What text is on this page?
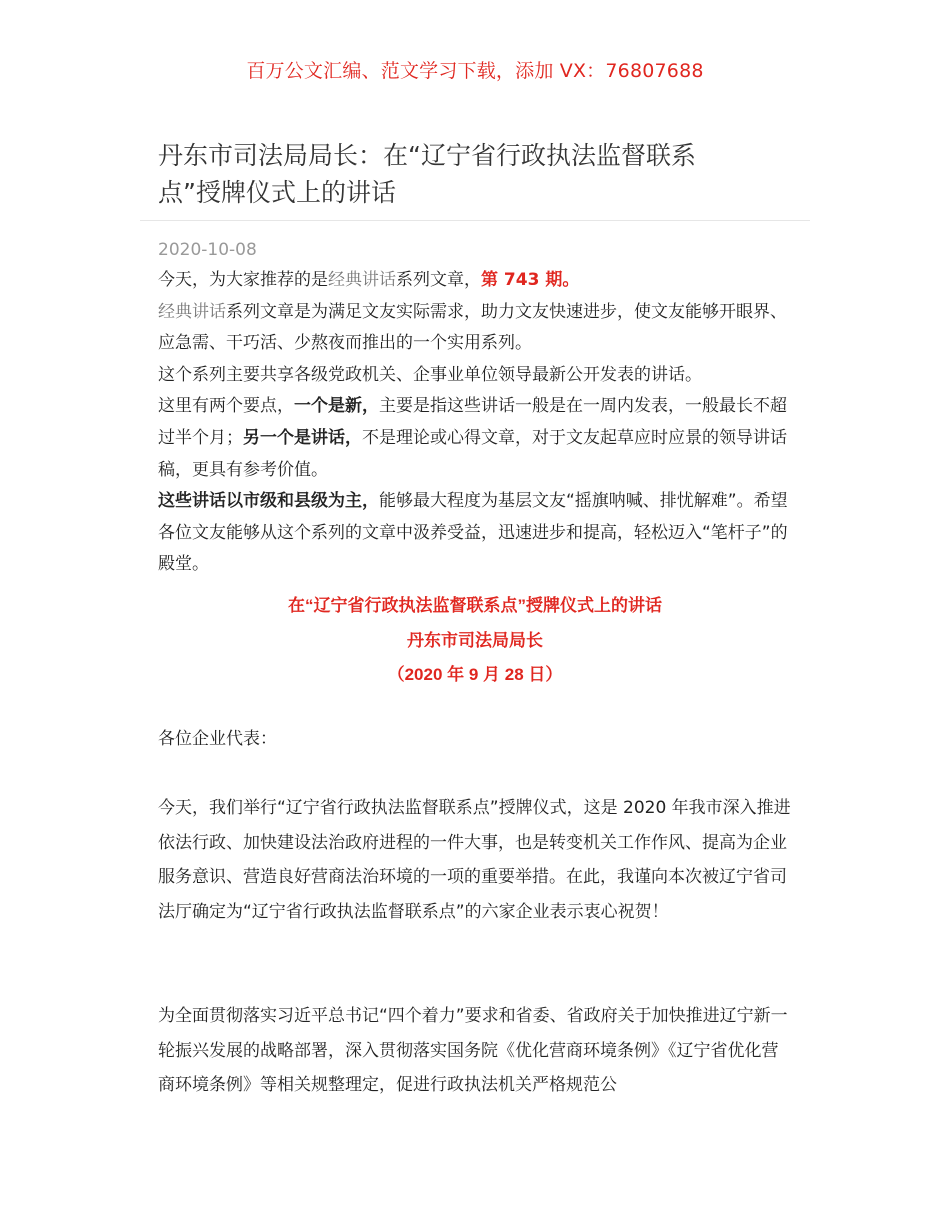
百万公文汇编、范文学习下载，添加 VX：76807688
丹东市司法局局长：在“辽宁省行政执法监督联系点”授牌仪式上的讲话
2020-10-08

今天，为大家推荐的是经典讲话系列文章，第 743 期。

经典讲话系列文章是为满足文友实际需求，助力文友快速进步，使文友能够开眼界、应急需、干巧活、少熬夜而推出的一个实用系列。

这个系列主要共享各级党政机关、企事业单位领导最新公开发表的讲话。

这里有两个要点，一个是新，主要是指这些讲话一般是在一周内发表，一般最长不超过半个月；另一个是讲话，不是理论或心得文章，对于文友起草应时应景的领导讲话稿，更具有参考价值。

这些讲话以市级和县级为主，能够最大程度为基层文友“摇旗呐喊、排忧解难”。希望各位文友能够从这个系列的文章中汲养受益，迅速进步和提高，轻松迈入“笔杆子”的殿堂。

在“辽宁省行政执法监督联系点”授牌仪式上的讲话
丹东市司法局局长
（2020 年 9 月 28 日）

各位企业代表：

今天，我们举行“辽宁省行政执法监督联系点”授牌仪式，这是 2020 年我市深入推进依法行政、加快建设法治政府进程的一件大事，也是转变机关工作作风、提高为企业服务意识、营造良好营商法治环境的一项的重要举措。在此，我谨向本次被辽宁省司法厅确定为“辽宁省行政执法监督联系点”的六家企业表示衷心祝贺！

为全面贯彻落实习近平总书记“四个着力”要求和省委、省政府关于加快推进辽宁新一轮振兴发展的战略部署，深入贯彻落实国务院《优化营商环境条例》《辽宁省优化营商环境条例》等相关规整理定，促进行政执法机关严格规范公
